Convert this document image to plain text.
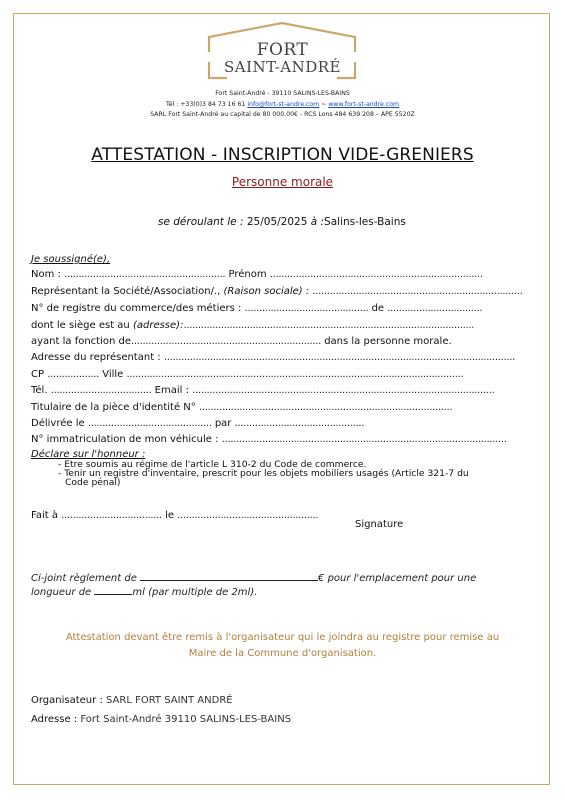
FORT
SAINT-ANDRÉ
Fort Saint-André - 39110 SALINS-LES-BAINS
Tél : +33(0)3 84 73 16 61 info@fort-st-andre.com ~ www.fort-st-andre.com
SARL Fort Saint-André au capital de 80 000.00€ - RCS Lons 484 639 208 – APE 5520Z
ATTESTATION - INSCRIPTION VIDE-GRENIERS
Personne morale
se déroulant le : 25/05/2025 à :Salins-les-Bains
Je soussigné(e),
Nom : ........................................................ Prénom ..........................................................................
Représentant la Société/Association/., (Raison sociale) : .........................................................................
N° de registre du commerce/des métiers : ........................................... de .................................
dont le siège est au (adresse):.....................................................................................................
ayant la fonction de.................................................................. dans la personne morale.
Adresse du représentant : ..........................................................................................................................
CP .................. Ville .....................................................................................................................
Tél. ................................... Email : .........................................................................................................
Titulaire de la pièce d'identité N° ........................................................................................
Délivrée le ........................................... par .............................................
N° immatriculation de mon véhicule : ...................................................................................................
Déclare sur l'honneur :
- Etre soumis au régime de l'article L 310-2 du Code de commerce.
- Tenir un registre d'inventaire, prescrit pour les objets mobiliers usagés (Article 321-7 du
Code pénal)
Fait à ................................... le .................................................
Signature
Ci-joint règlement de	€ pour l'emplacement pour une
longueur de	ml (par multiple de 2ml).
Attestation devant être remis à l'organisateur qui le joindra au registre pour remise au
Maire de la Commune d'organisation.
Organisateur : SARL FORT SAINT ANDRÉ
Adresse : Fort Saint-André 39110 SALINS-LES-BAINS
